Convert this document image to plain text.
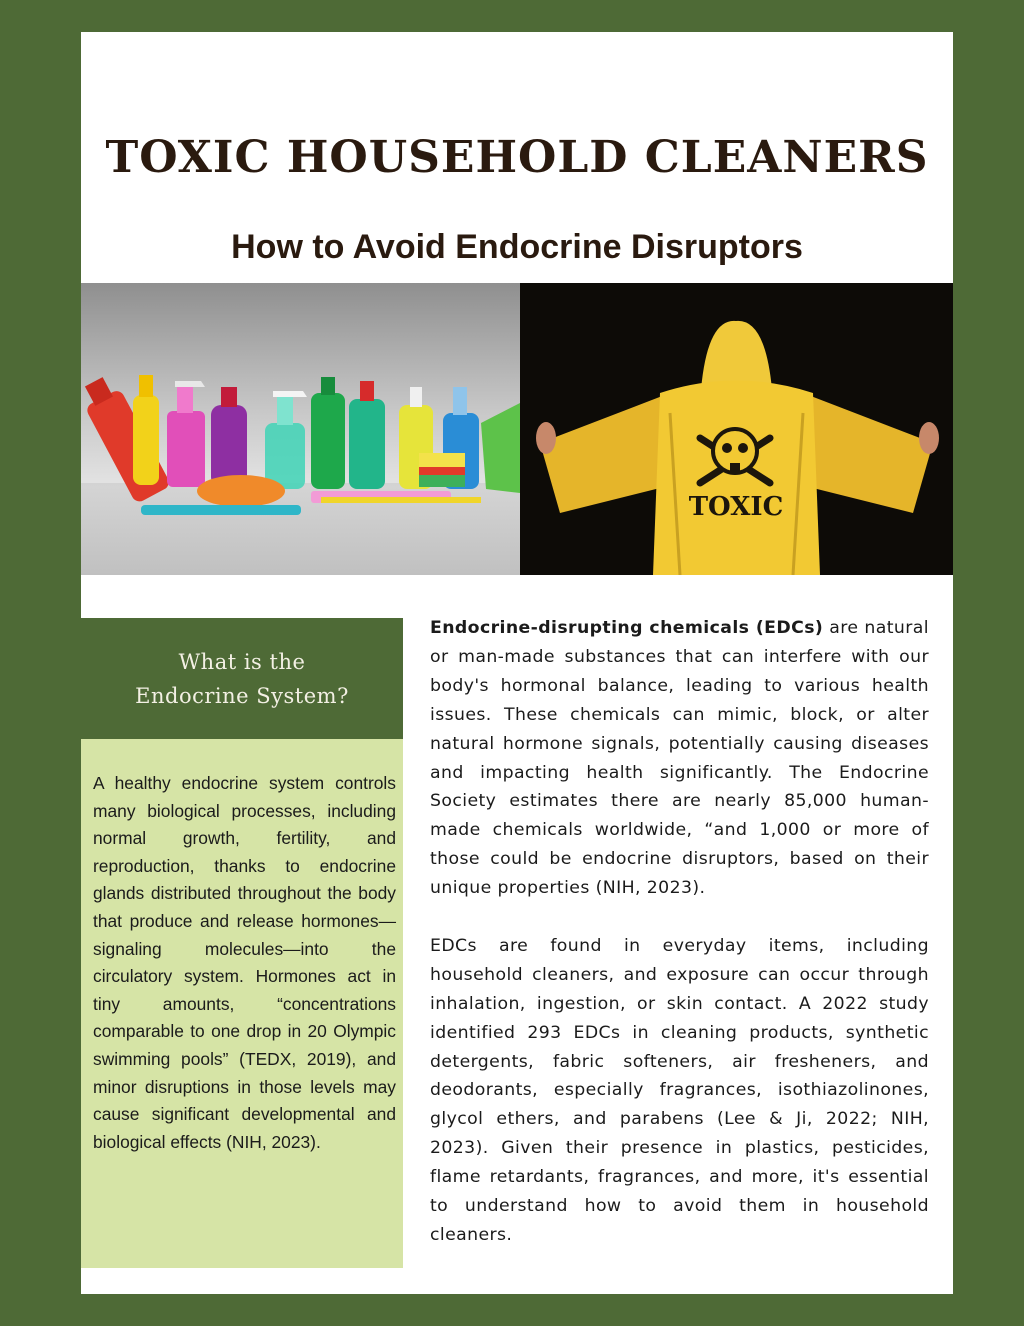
TOXIC HOUSEHOLD CLEANERS
How to Avoid Endocrine Disruptors
TOXIC
What is the Endocrine System?

A healthy endocrine system controls many biological processes, including normal growth, fertility, and reproduction, thanks to endocrine glands distributed throughout the body that produce and release hormones—signaling molecules—into the circulatory system. Hormones act in tiny amounts, “concentrations comparable to one drop in 20 Olympic swimming pools” (TEDX, 2019), and minor disruptions in those levels may cause significant developmental and biological effects (NIH, 2023).

Endocrine-disrupting chemicals (EDCs) are natural or man-made substances that can interfere with our body's hormonal balance, leading to various health issues. These chemicals can mimic, block, or alter natural hormone signals, potentially causing diseases and impacting health significantly. The Endocrine Society estimates there are nearly 85,000 human-made chemicals worldwide, “and 1,000 or more of those could be endocrine disruptors, based on their unique properties (NIH, 2023).

EDCs are found in everyday items, including household cleaners, and exposure can occur through inhalation, ingestion, or skin contact. A 2022 study identified 293 EDCs in cleaning products, synthetic detergents, fabric softeners, air fresheners, and deodorants, especially fragrances, isothiazolinones, glycol ethers, and parabens (Lee & Ji, 2022; NIH, 2023). Given their presence in plastics, pesticides, flame retardants, fragrances, and more, it's essential to understand how to avoid them in household cleaners.
